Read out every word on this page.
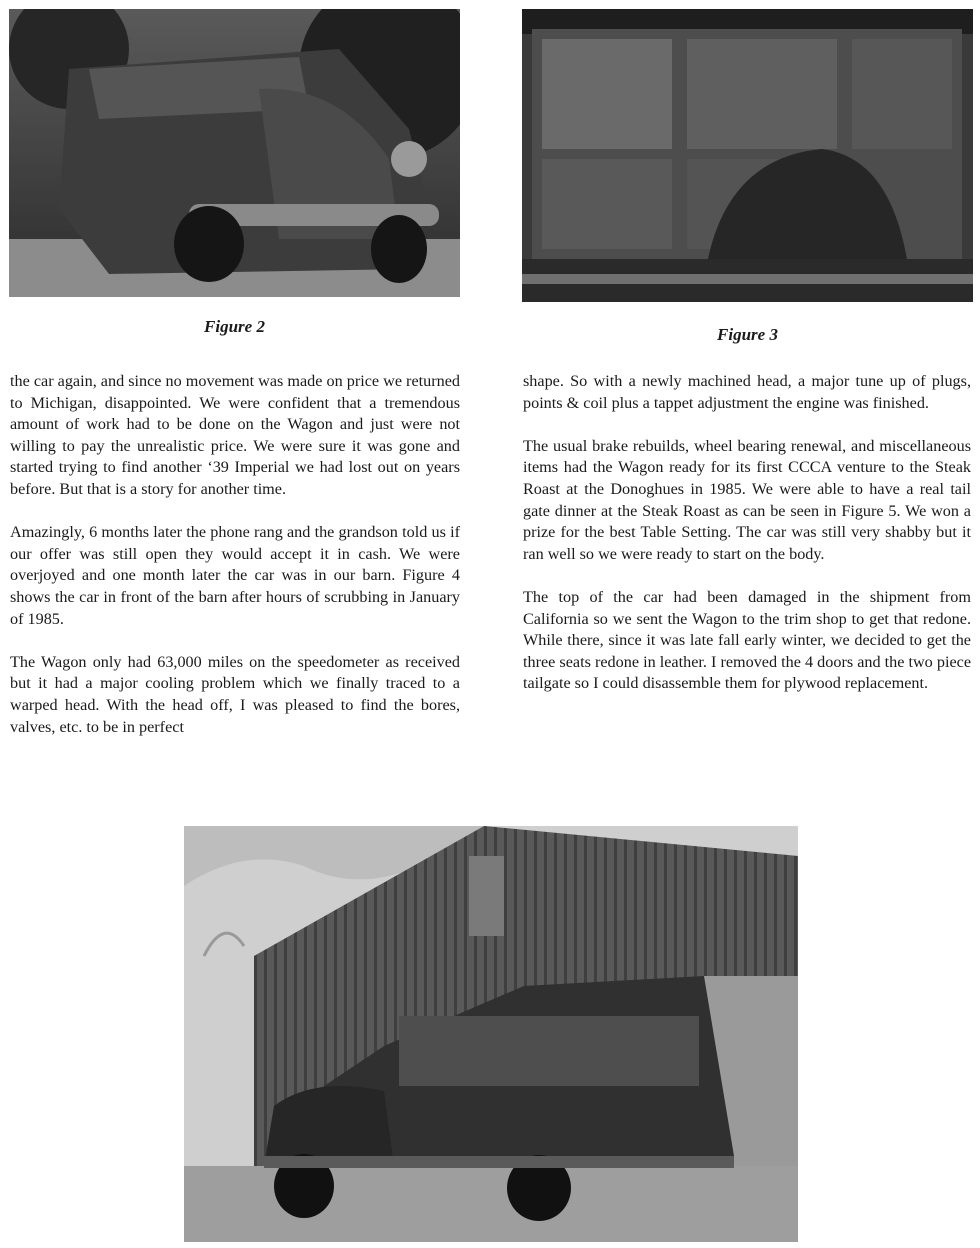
Figure 2	Figure 3

the car again, and since no movement was made on price we returned to Michigan, disappointed. We were confident that a tremendous amount of work had to be done on the Wagon and just were not willing to pay the unrealistic price. We were sure it was gone and started trying to find another ‘39 Imperial we had lost out on years before. But that is a story for another time.

Amazingly, 6 months later the phone rang and the grandson told us if our offer was still open they would accept it in cash. We were overjoyed and one month later the car was in our barn. Figure 4 shows the car in front of the barn after hours of scrubbing in January of 1985.

The Wagon only had 63,000 miles on the speedometer as received but it had a major cooling problem which we finally traced to a warped head. With the head off, I was pleased to find the bores, valves, etc. to be in perfect

shape. So with a newly machined head, a major tune up of plugs, points & coil plus a tappet adjustment the engine was finished.

The usual brake rebuilds, wheel bearing renewal, and miscellaneous items had the Wagon ready for its first CCCA venture to the Steak Roast at the Donoghues in 1985. We were able to have a real tail gate dinner at the Steak Roast as can be seen in Figure 5. We won a prize for the best Table Setting. The car was still very shabby but it ran well so we were ready to start on the body.

The top of the car had been damaged in the shipment from California so we sent the Wagon to the trim shop to get that redone. While there, since it was late fall early winter, we decided to get the three seats redone in leather. I removed the 4 doors and the two piece tailgate so I could disassemble them for plywood replacement.
